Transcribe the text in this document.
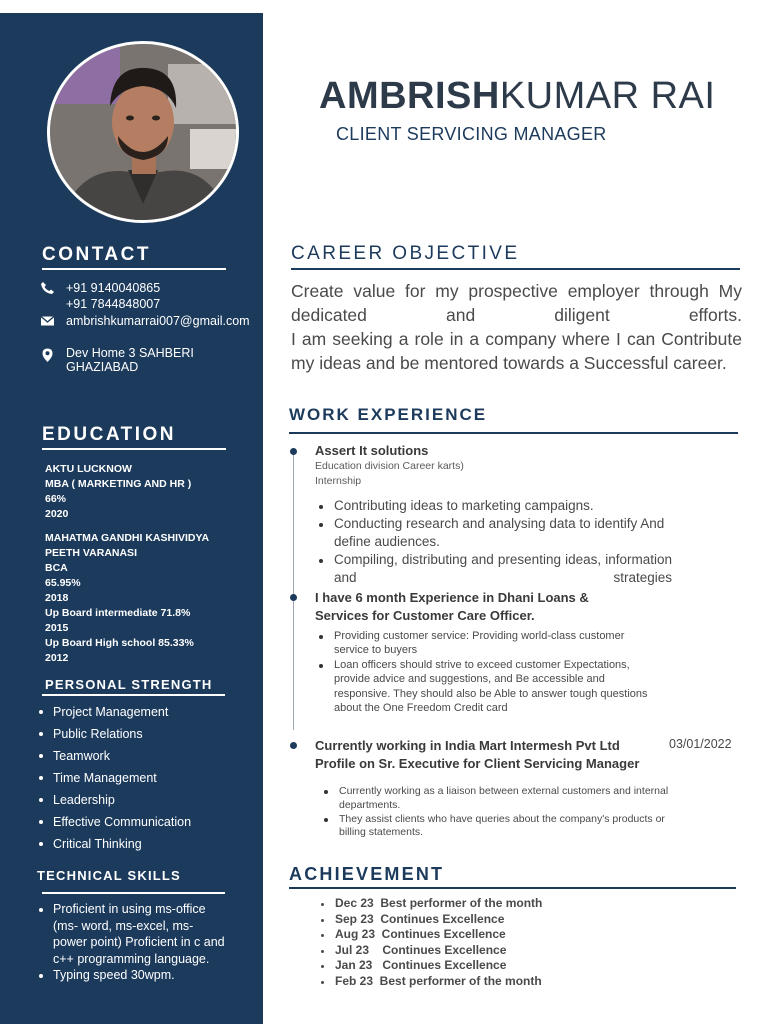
CONTACT
+91 9140040865
+91 7844848007
ambrishkumarrai007@gmail.com
Dev Home 3 SAHBERI
GHAZIABAD
EDUCATION
AKTU LUCKNOW
MBA ( MARKETING AND HR )
66%
2020
MAHATMA GANDHI KASHIVIDYA
PEETH VARANASI
BCA
65.95%
2018
Up Board intermediate 71.8%
2015
Up Board High school 85.33%
2012
PERSONAL STRENGTH
Project Management
Public Relations
Teamwork
Time Management
Leadership
Effective Communication
Critical Thinking
TECHNICAL SKILLS
Proficient in using ms-office (ms- word, ms-excel, ms-power point) Proficient in c and c++ programming language.
Typing speed 30wpm.
AMBRISHKUMAR RAI
CLIENT SERVICING MANAGER
CAREER OBJECTIVE
Create value for my prospective employer through My dedicated and diligent efforts.
I am seeking a role in a company where I can Contribute my ideas and be mentored towards a Successful career.
WORK EXPERIENCE
Assert It solutions
Education division Career karts)
Internship
Contributing ideas to marketing campaigns.
Conducting research and analysing data to identify And define audiences.
Compiling, distributing and presenting ideas, information and strategies
I have 6 month Experience in Dhani Loans &
Services for Customer Care Officer.
Providing customer service: Providing world-class customer service to buyers
Loan officers should strive to exceed customer Expectations, provide advice and suggestions, and Be accessible and responsive. They should also be Able to answer tough questions about the One Freedom Credit card
Currently working in India Mart Intermesh Pvt Ltd
Profile on Sr. Executive for Client Servicing Manager
03/01/2022
Currently working as a liaison between external customers and internal departments.
They assist clients who have queries about the company's products or billing statements.
ACHIEVEMENT
Dec 23  Best performer of the month
Sep 23  Continues Excellence
Aug 23  Continues Excellence
Jul 23    Continues Excellence
Jan 23   Continues Excellence
Feb 23  Best performer of the month
